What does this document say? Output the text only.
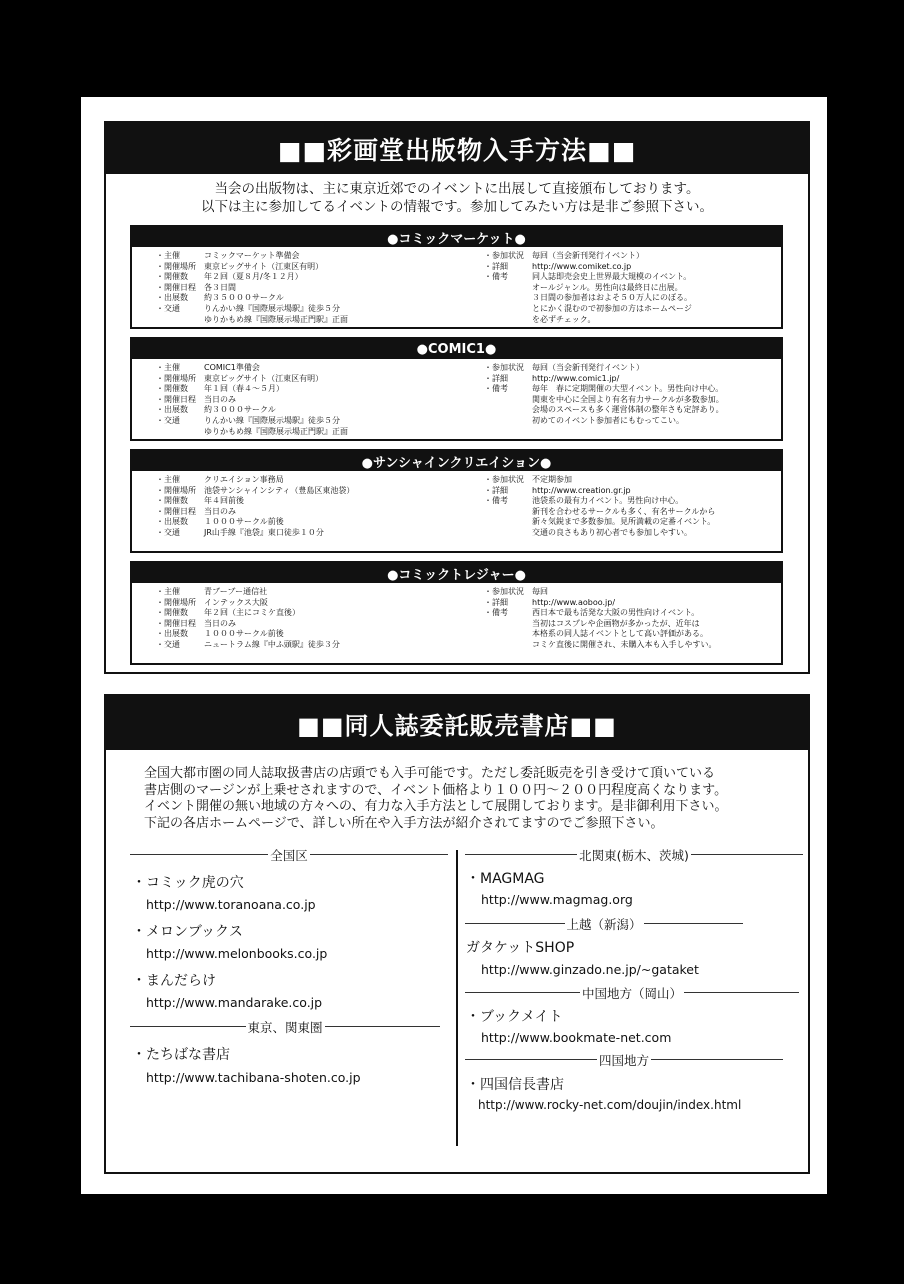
■■彩画堂出版物入手方法■■
当会の出版物は、主に東京近郊でのイベントに出展して直接頒布しております。
以下は主に参加してるイベントの情報です。参加してみたい方は是非ご参照下さい。
●コミックマーケット●
・主催	コミックマーケット準備会
・開催場所	東京ビッグサイト（江東区有明）
・開催数	年２回（夏８月/冬１２月）
・開催日程	各３日間
・出展数	約３５０００サークル
・交通	りんかい線『国際展示場駅』徒歩５分
ゆりかもめ線『国際展示場正門駅』正面
・参加状況	毎回（当会新刊発行イベント）
・詳細	http://www.comiket.co.jp
・備考	同人誌即売会史上世界最大規模のイベント。
オールジャンル。男性向は最終日に出展。
３日間の参加者はおよそ５０万人にのぼる。
とにかく混むので初参加の方はホームページ
を必ずチェック。
●COMIC1●
・主催	COMIC1準備会
・開催場所	東京ビッグサイト（江東区有明）
・開催数	年１回（春４～５月）
・開催日程	当日のみ
・出展数	約３０００サークル
・交通	りんかい線『国際展示場駅』徒歩５分
ゆりかもめ線『国際展示場正門駅』正面
・参加状況	毎回（当会新刊発行イベント）
・詳細	http://www.comic1.jp/
・備考	毎年　春に定期開催の大型イベント。男性向け中心。
関東を中心に全国より有名有力サークルが多数参加。
会場のスペースも多く運営体制の整年さも定評あり。
初めてのイベント参加者にもむってこい。
●サンシャインクリエイション●
・主催	クリエイション事務局
・開催場所	池袋サンシャインシティ（豊島区東池袋）
・開催数	年４回前後
・開催日程	当日のみ
・出展数	１０００サークル前後
・交通	JR山手線『池袋』東口徒歩１０分
・参加状況	不定期参加
・詳細	http://www.creation.gr.jp
・備考	池袋系の最有力イベント。男性向け中心。
新刊を合わせるサークルも多く、有名サークルから
新々気鋭まで多数参加。見所満載の定番イベント。
交通の良さもあり初心者でも参加しやすい。
●コミックトレジャー●
・主催	青ブーブー通信社
・開催場所	インテックス大阪
・開催数	年２回（主にコミケ直後）
・開催日程	当日のみ
・出展数	１０００サークル前後
・交通	ニュートラム線『中ふ頭駅』徒歩３分
・参加状況	毎回
・詳細	http://www.aoboo.jp/
・備考	西日本で最も活発な大阪の男性向けイベント。
当初はコスプレや企画物が多かったが、近年は
本格系の同人誌イベントとして高い評価がある。
コミケ直後に開催され、未購入本も入手しやすい。
■■同人誌委託販売書店■■
全国大都市圏の同人誌取扱書店の店頭でも入手可能です。ただし委託販売を引き受けて頂いている
書店側のマージンが上乗せされますので、イベント価格より１００円～２００円程度高くなります。
イベント開催の無い地域の方々への、有力な入手方法として展開しております。是非御利用下さい。
下記の各店ホームページで、詳しい所在や入手方法が紹介されてますのでご参照下さい。
全国区
・コミック虎の穴
http://www.toranoana.co.jp
・メロンブックス
http://www.melonbooks.co.jp
・まんだらけ
http://www.mandarake.co.jp
東京、関東圏
・たちばな書店
http://www.tachibana-shoten.co.jp
北関東(栃木、茨城)
・MAGMAG
http://www.magmag.org
上越（新潟）
ガタケットSHOP
http://www.ginzado.ne.jp/~gataket
中国地方（岡山）
・ブックメイト
http://www.bookmate-net.com
四国地方
・四国信長書店
http://www.rocky-net.com/doujin/index.html
